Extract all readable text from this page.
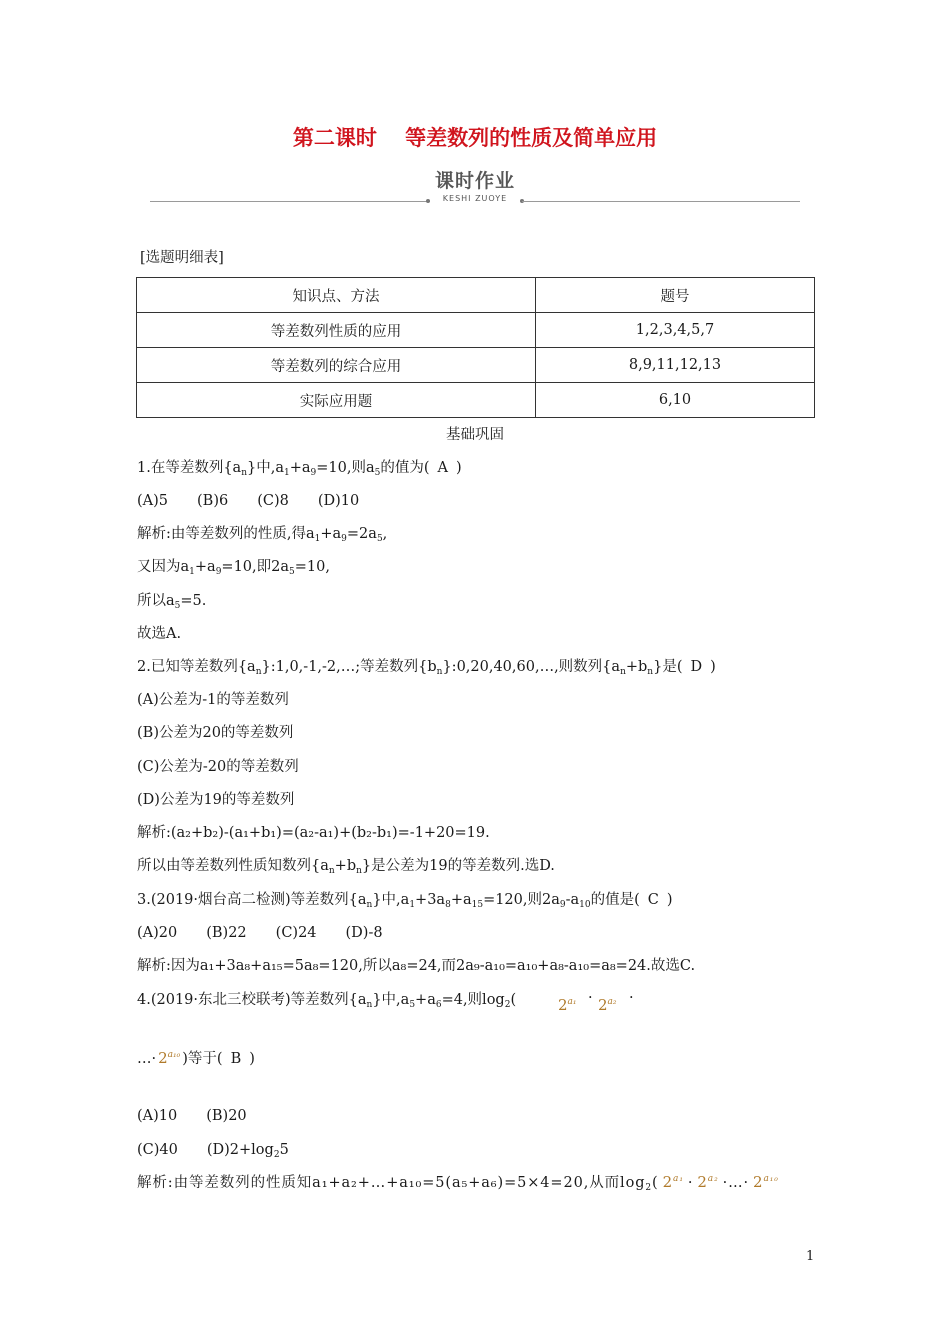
第二课时　 等差数列的性质及简单应用
课时作业
KESHI ZUOYE
[选题明细表]
知识点、方法	题号
等差数列性质的应用	1,2,3,4,5,7
等差数列的综合应用	8,9,11,12,13
实际应用题	6,10
基础巩固
1.在等差数列$\{a_n\}$中$,a_1+a_9=10$,则$a_5$的值为( A )
(A)5　　(B)6　　(C)8　　(D)10
解析:由等差数列的性质,得$a_1+a_9=2a_5$,
又因为$a_1+a_9=10$,即$2a_5=10$,
所以$a_5=5$.
故选A.
2.已知等差数列$\{a_n\}:1,0,-1,-2,\dots$;等差数列$\{b_n\}:0,20,40,60,\dots$,则数列$\{a_n+b_n\}$是( D )
(A)公差为-1的等差数列
(B)公差为20的等差数列
(C)公差为-20的等差数列
(D)公差为19的等差数列
解析:(a₂+b₂)-(a₁+b₁)=(a₂-a₁)+(b₂-b₁)=-1+20=19.
所以由等差数列性质知数列$\{a_n+b_n\}$是公差为19的等差数列.选D.
3.(2019·烟台高二检测)等差数列$\{a_n\}$中$,a_1+3a_8+a_{15}=120$,则$2a_9-a_{10}$的值是( C )
(A)20　　(B)22　　(C)24　　(D)-8
解析:因为a₁+3a₈+a₁₅=5a₈=120,所以a₈=24,而2a₉-a₁₀=a₁₀+a₈-a₁₀=a₈=24.故选C.
4.(2019·东北三校联考)等差数列$\{a_n\}$中$,a_5+a_6=4$,则$\log_2$(	$2^{a_1} \cdot 2^{a_2}$ ·
…· $2^{a_{10}}$ )等于( B )
(A)10　　(B)20
(C)40　　$(D)2+\log_25$
解析:由等差数列的性质知a₁+a₂+…+a₁₀=5(a₅+a₆)=5×4=20,从而$\log_2$( $2^{a_1} \cdot 2^{a_2}$ ·…· $2^{a_{10}}$
1
